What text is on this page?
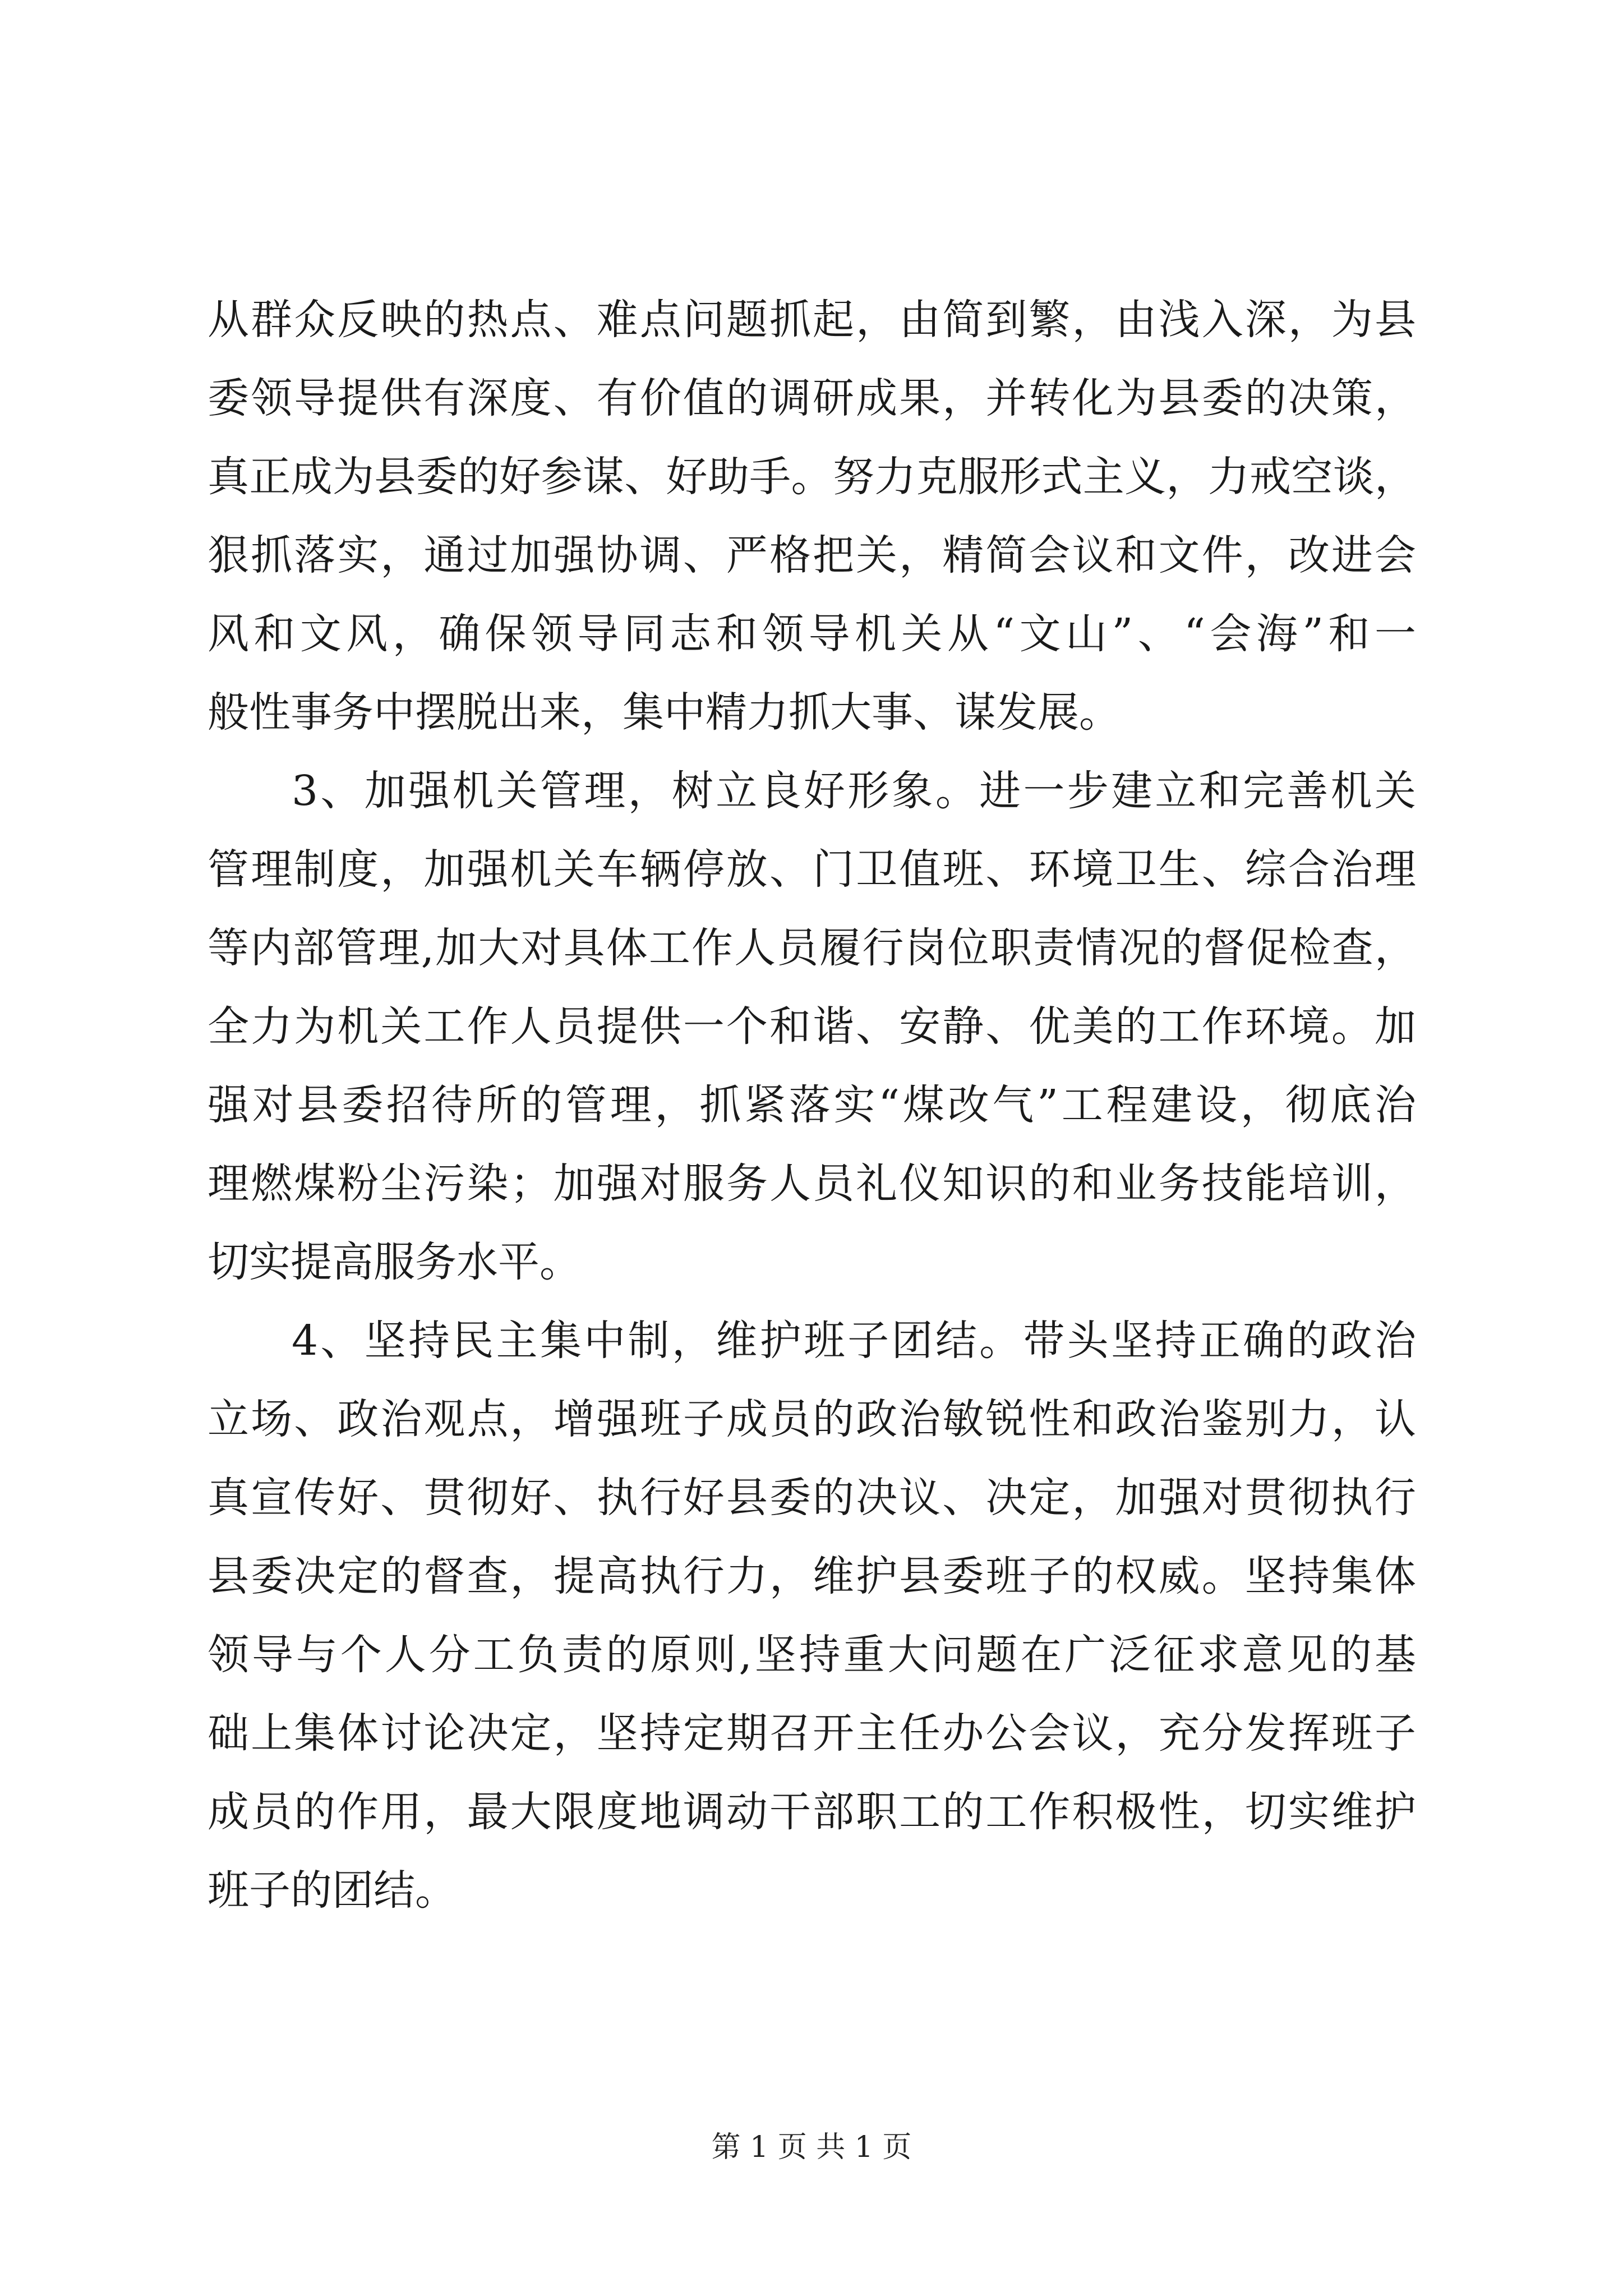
从群众反映的热点、难点问题抓起，由简到繁，由浅入深，为县
委领导提供有深度、有价值的调研成果，并转化为县委的决策，
真正成为县委的好参谋、好助手。努力克服形式主义，力戒空谈，
狠抓落实，通过加强协调、严格把关，精简会议和文件，改进会
风和文风，确保领导同志和领导机关从“文山”、“会海”和一
般性事务中摆脱出来，集中精力抓大事、谋发展。
3、加强机关管理，树立良好形象。进一步建立和完善机关
管理制度，加强机关车辆停放、门卫值班、环境卫生、综合治理
等内部管理,加大对具体工作人员履行岗位职责情况的督促检查，
全力为机关工作人员提供一个和谐、安静、优美的工作环境。加
强对县委招待所的管理，抓紧落实“煤改气”工程建设，彻底治
理燃煤粉尘污染；加强对服务人员礼仪知识的和业务技能培训，
切实提高服务水平。
4、坚持民主集中制，维护班子团结。带头坚持正确的政治
立场、政治观点，增强班子成员的政治敏锐性和政治鉴别力，认
真宣传好、贯彻好、执行好县委的决议、决定，加强对贯彻执行
县委决定的督查，提高执行力，维护县委班子的权威。坚持集体
领导与个人分工负责的原则,坚持重大问题在广泛征求意见的基
础上集体讨论决定，坚持定期召开主任办公会议，充分发挥班子
成员的作用，最大限度地调动干部职工的工作积极性，切实维护
班子的团结。
第 1 页 共 1 页
